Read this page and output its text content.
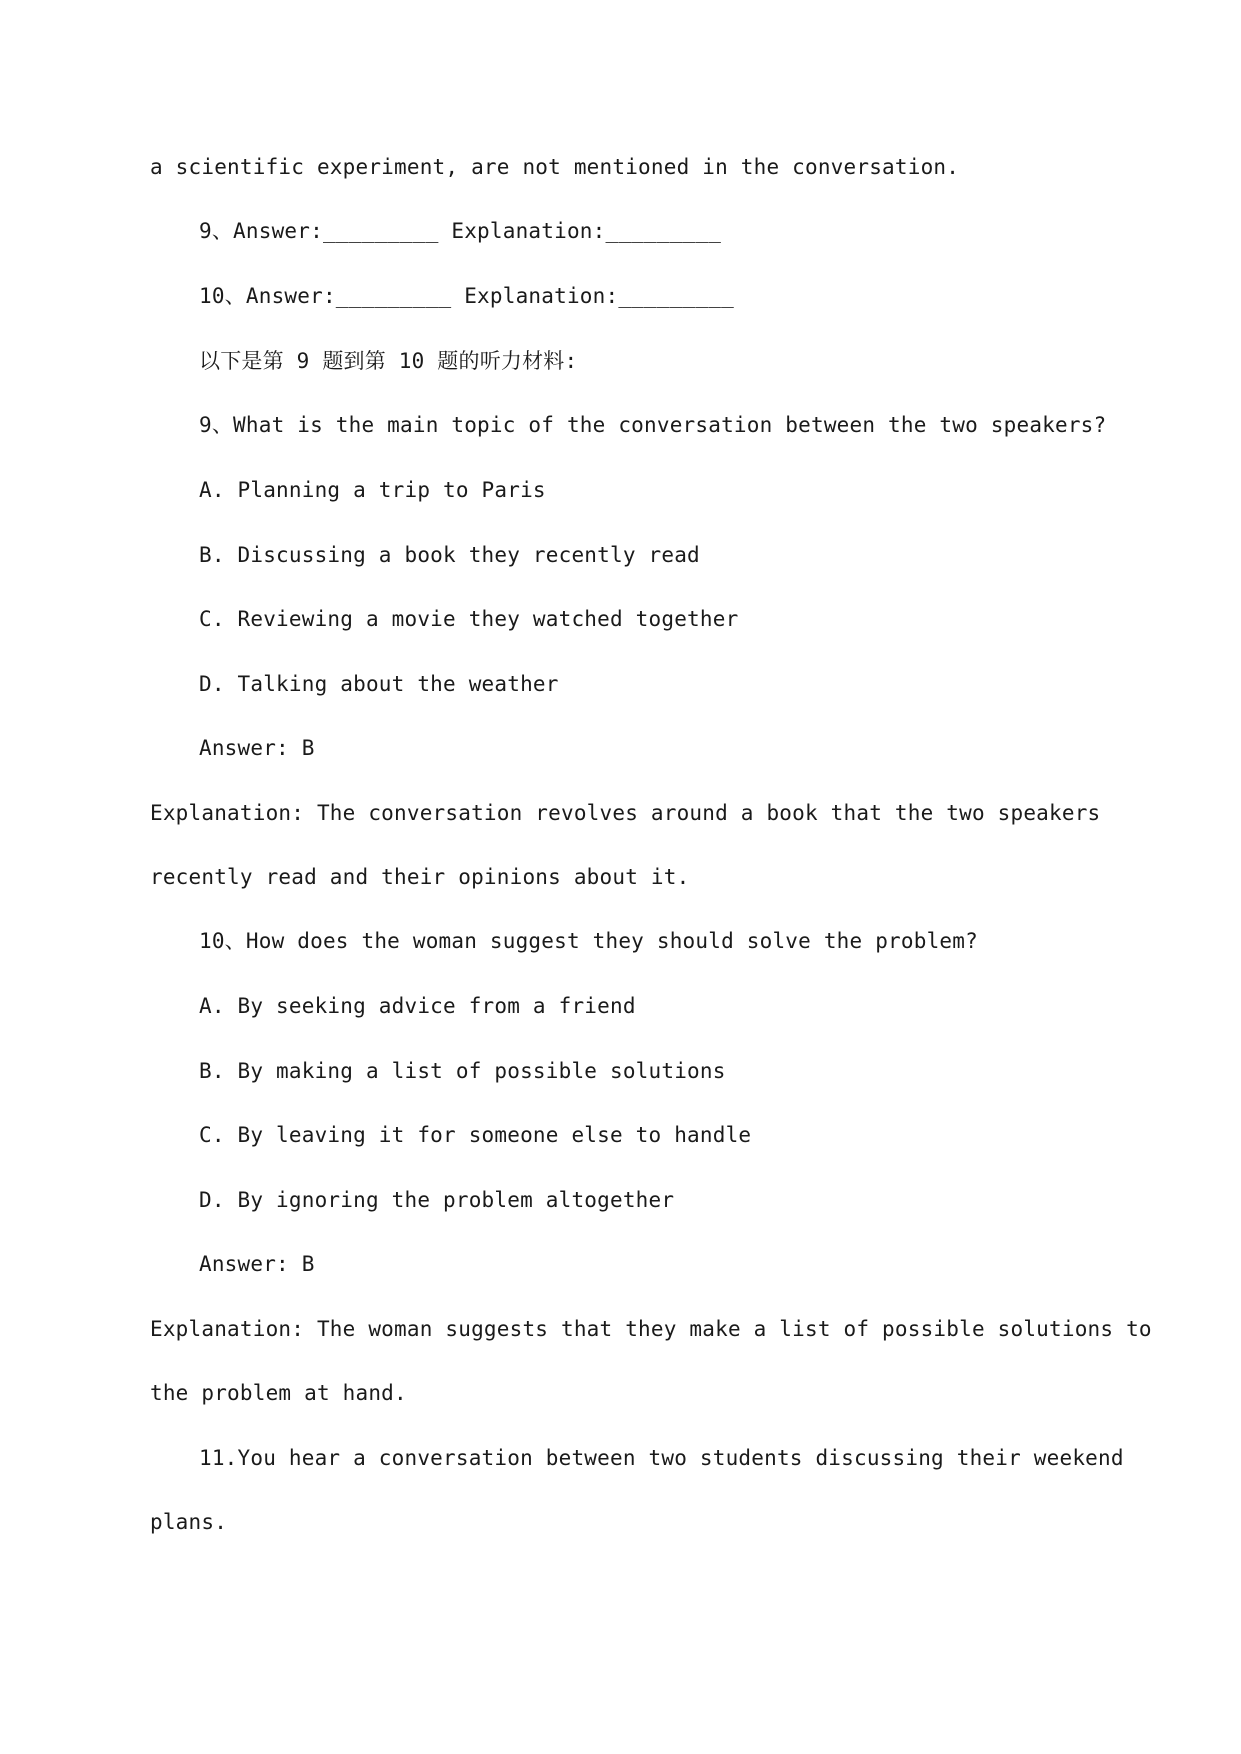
a scientific experiment, are not mentioned in the conversation.
9、Answer:_________ Explanation:_________
10、Answer:_________ Explanation:_________
以下是第 9 题到第 10 题的听力材料:
9、What is the main topic of the conversation between the two speakers?
A. Planning a trip to Paris
B. Discussing a book they recently read
C. Reviewing a movie they watched together
D. Talking about the weather
Answer: B
Explanation: The conversation revolves around a book that the two speakers
recently read and their opinions about it.
10、How does the woman suggest they should solve the problem?
A. By seeking advice from a friend
B. By making a list of possible solutions
C. By leaving it for someone else to handle
D. By ignoring the problem altogether
Answer: B
Explanation: The woman suggests that they make a list of possible solutions to
the problem at hand.
11.You hear a conversation between two students discussing their weekend
plans.
